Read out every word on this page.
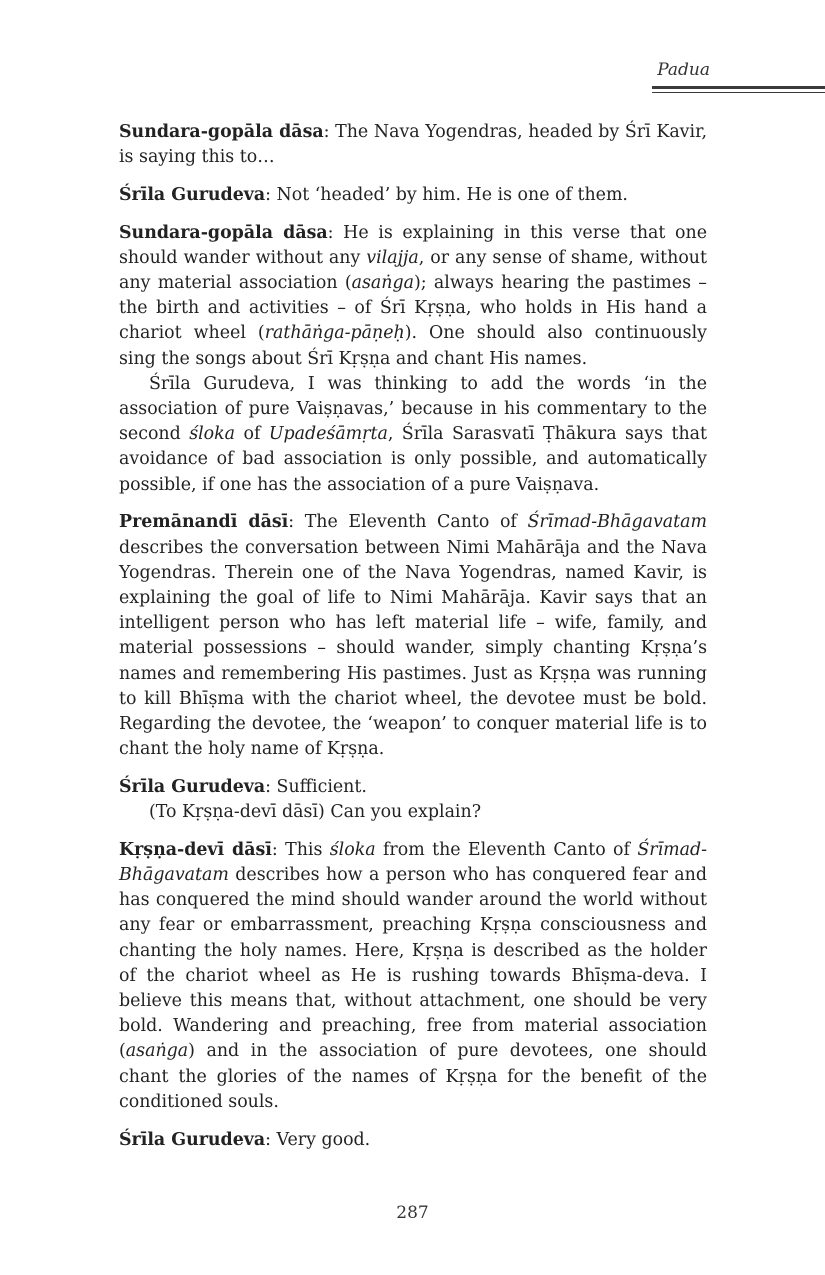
Padua

Sundara-gopāla dāsa: The Nava Yogendras, headed by Śrī Kavir, is saying this to…

Śrīla Gurudeva: Not ‘headed’ by him. He is one of them.

Sundara-gopāla dāsa: He is explaining in this verse that one should wander without any vilajja, or any sense of shame, without any material association (asaṅga); always hearing the pastimes – the birth and activities – of Śrī Kṛṣṇa, who holds in His hand a chariot wheel (rathāṅga-pāṇeḥ). One should also continuously sing the songs about Śrī Kṛṣṇa and chant His names.

Śrīla Gurudeva, I was thinking to add the words ‘in the association of pure Vaiṣṇavas,’ because in his commentary to the second śloka of Upadeśāmṛta, Śrīla Sarasvatī Ṭhākura says that avoidance of bad association is only possible, and automatically possible, if one has the association of a pure Vaiṣṇava.

Premānandī dāsī: The Eleventh Canto of Śrīmad-Bhāgavatam describes the conversation between Nimi Mahārāja and the Nava Yogendras. Therein one of the Nava Yogendras, named Kavir, is explaining the goal of life to Nimi Mahārāja. Kavir says that an intelligent person who has left material life – wife, family, and material possessions – should wander, simply chanting Kṛṣṇa’s names and remembering His pastimes. Just as Kṛṣṇa was running to kill Bhīṣma with the chariot wheel, the devotee must be bold. Regarding the devotee, the ‘weapon’ to conquer material life is to chant the holy name of Kṛṣṇa.

Śrīla Gurudeva: Sufficient.

(To Kṛṣṇa-devī dāsī) Can you explain?

Kṛṣṇa-devī dāsī: This śloka from the Eleventh Canto of Śrīmad-Bhāgavatam describes how a person who has conquered fear and has conquered the mind should wander around the world without any fear or embarrassment, preaching Kṛṣṇa consciousness and chanting the holy names. Here, Kṛṣṇa is described as the holder of the chariot wheel as He is rushing towards Bhīṣma-deva. I believe this means that, without attachment, one should be very bold. Wandering and preaching, free from material association (asaṅga) and in the association of pure devotees, one should chant the glories of the names of Kṛṣṇa for the benefit of the conditioned souls.

Śrīla Gurudeva: Very good.

287
